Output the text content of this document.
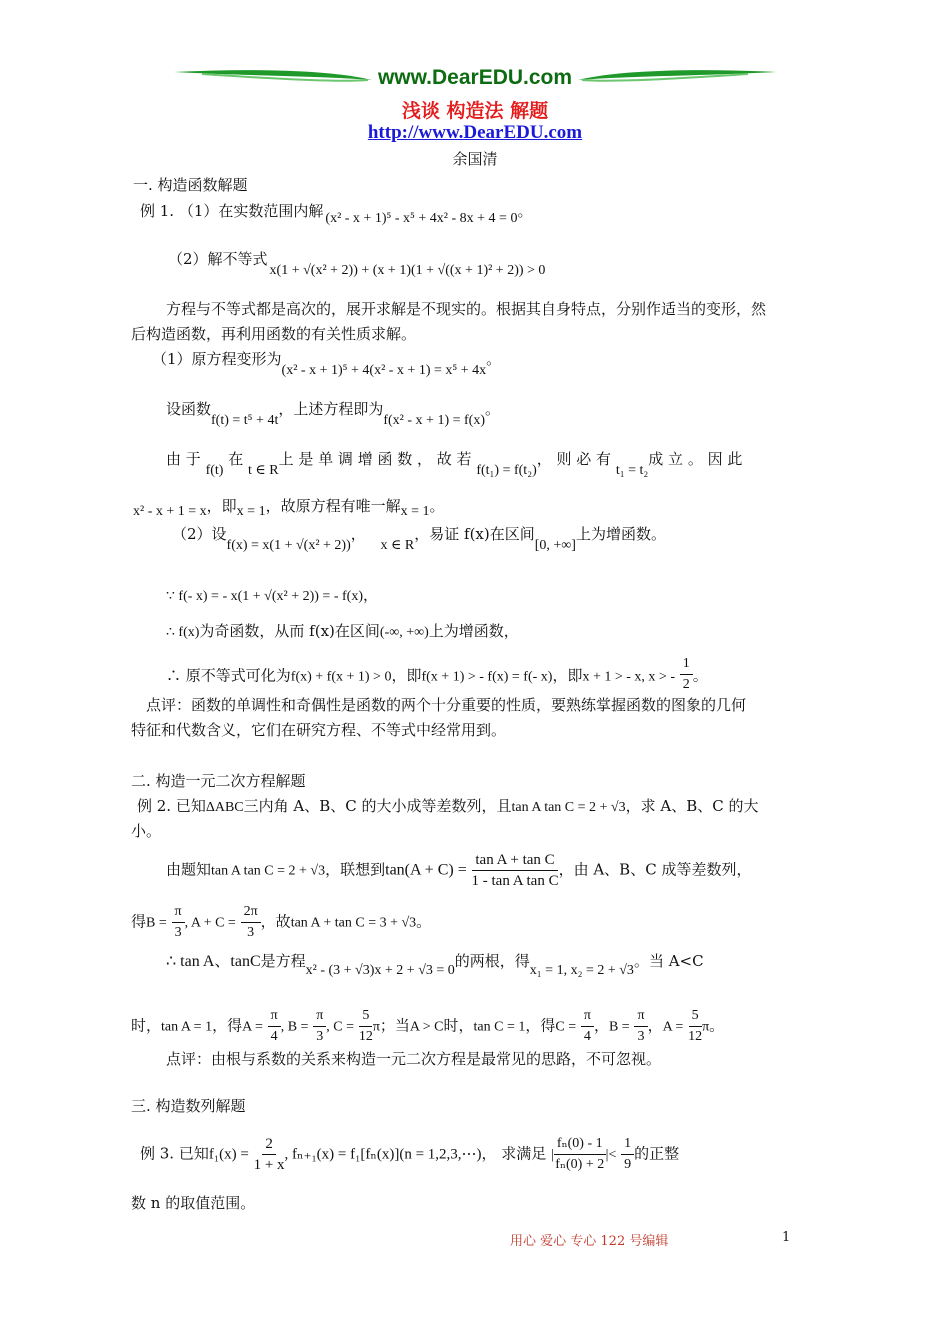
www.DearEDU.com
浅谈 构造法 解题
http://www.DearEDU.com
余国清
一. 构造函数解题
例 1. （1）在实数范围内解 (x² - x + 1)⁵ - x⁵ + 4x² - 8x + 4 = 0。
（2）解不等式x(1 + √(x² + 2)) + (x + 1)(1 + √((x + 1)² + 2)) > 0
方程与不等式都是高次的，展开求解是不现实的。根据其自身特点，分别作适当的变形，然
后构造函数，再利用函数的有关性质求解。
（1）原方程变形为(x² - x + 1)⁵ + 4(x² - x + 1) = x⁵ + 4x。
设函数f(t) = t⁵ + 4t，上述方程即为f(x² - x + 1) = f(x)。
由 于 f(t) 在 t ∈ R上 是 单 调 增 函 数 ， 故 若 f(t₁) = f(t₂)， 则 必 有 t₁ = t₂成 立 。 因 此
x² - x + 1 = x，即x = 1，故原方程有唯一解x = 1。
（2）设f(x) = x(1 + √(x² + 2))， x ∈ R，易证 f(x)在区间[0, +∞]上为增函数。
∵ f(- x) = - x(1 + √(x² + 2)) = - f(x)，
∴ f(x)为奇函数，从而 f(x)在区间(-∞, +∞)上为增函数，
∴ 原不等式可化为f(x) + f(x + 1) > 0，即f(x + 1) > - f(x) = f(- x)，即x + 1 > - x, x > - $\frac{1}{2}$ 。
点评：函数的单调性和奇偶性是函数的两个十分重要的性质，要熟练掌握函数的图象的几何
特征和代数含义，它们在研究方程、不等式中经常用到。
二. 构造一元二次方程解题
例 2. 已知ΔABC三内角 A、B、C 的大小成等差数列，且tan A tan C = 2 + √3，求 A、B、C 的大
小。
由题知tan A tan C = 2 + √3，联想到$\tan(A + C) = \frac{\text{tan A + tan C}}{\text{1 - tan A tan C}}$ ，由 A、B、C 成等差数列，
得$B = \frac{\pi}{3}$ , $A + C = \frac{2\pi}{3}$ ，故tan A + tan C = 3 + √3。
∴ tan A、tanC是方程x² - (3 + √3)x + 2 + √3 = 0的两根，得x₁ = 1, x₂ = 2 + √3。当 A<C
时，tan A = 1，得$A = \frac{\pi}{4}$ , $B = \frac{\pi}{3}$ , $C = \frac{5}{12}$ π；当A > C时，tan C = 1，得$C = \frac{\pi}{4}$ ，$B = \frac{\pi}{3}$ ，$A = \frac{5}{12}$ π。
点评：由根与系数的关系来构造一元二次方程是最常见的思路，不可忽视。
三. 构造数列解题
例 3. 已知$f_1(x) = \frac{2}{1 + x}$ , fₙ₊₁(x) = f₁[fₙ(x)](n = 1,2,3,⋯)， 求满足 | $\frac{\text{fₙ(0) - 1}}{\text{fₙ(0) + 2}}$ |< $\frac{1}{9}$ 的正整
数 n 的取值范围。
用心 爱心 专心 122 号编辑	1
